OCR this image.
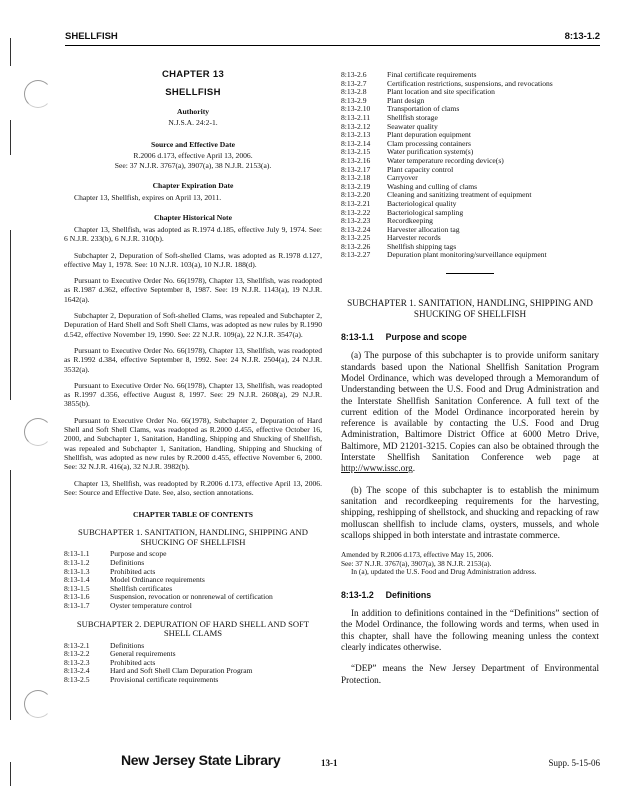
SHELLFISH	8:13-1.2
CHAPTER 13
SHELLFISH
Authority
N.J.S.A. 24:2-1.
Source and Effective Date
R.2006 d.173, effective April 13, 2006.
See: 37 N.J.R. 3767(a), 3907(a), 38 N.J.R. 2153(a).
Chapter Expiration Date
Chapter 13, Shellfish, expires on April 13, 2011.
Chapter Historical Note

Chapter 13, Shellfish, was adopted as R.1974 d.185, effective July 9, 1974. See: 6 N.J.R. 233(b), 6 N.J.R. 310(b).

Subchapter 2, Depuration of Soft-shelled Clams, was adopted as R.1978 d.127, effective May 1, 1978. See: 10 N.J.R. 103(a), 10 N.J.R. 188(d).

Pursuant to Executive Order No. 66(1978), Chapter 13, Shellfish, was readopted as R.1987 d.362, effective September 8, 1987. See: 19 N.J.R. 1143(a), 19 N.J.R. 1642(a).

Subchapter 2, Depuration of Soft-shelled Clams, was repealed and Subchapter 2, Depuration of Hard Shell and Soft Shell Clams, was adopted as new rules by R.1990 d.542, effective November 19, 1990. See: 22 N.J.R. 109(a), 22 N.J.R. 3547(a).

Pursuant to Executive Order No. 66(1978), Chapter 13, Shellfish, was readopted as R.1992 d.384, effective September 8, 1992. See: 24 N.J.R. 2504(a), 24 N.J.R. 3532(a).

Pursuant to Executive Order No. 66(1978), Chapter 13, Shellfish, was readopted as R.1997 d.356, effective August 8, 1997. See: 29 N.J.R. 2608(a), 29 N.J.R. 3855(b).

Pursuant to Executive Order No. 66(1978), Subchapter 2, Depuration of Hard Shell and Soft Shell Clams, was readopted as R.2000 d.455, effective October 16, 2000, and Subchapter 1, Sanitation, Handling, Shipping and Shucking of Shellfish, was repealed and Subchapter 1, Sanitation, Handling, Shipping and Shucking of Shellfish, was adopted as new rules by R.2000 d.455, effective November 6, 2000. See: 32 N.J.R. 416(a), 32 N.J.R. 3982(b).

Chapter 13, Shellfish, was readopted by R.2006 d.173, effective April 13, 2006. See: Source and Effective Date. See, also, section annotations.

CHAPTER TABLE OF CONTENTS
SUBCHAPTER 1. SANITATION, HANDLING, SHIPPING AND SHUCKING OF SHELLFISH
8:13-1.1	Purpose and scope
8:13-1.2	Definitions
8:13-1.3	Prohibited acts
8:13-1.4	Model Ordinance requirements
8:13-1.5	Shellfish certificates
8:13-1.6	Suspension, revocation or nonrenewal of certification
8:13-1.7	Oyster temperature control
SUBCHAPTER 2. DEPURATION OF HARD SHELL AND SOFT SHELL CLAMS
8:13-2.1	Definitions
8:13-2.2	General requirements
8:13-2.3	Prohibited acts
8:13-2.4	Hard and Soft Shell Clam Depuration Program
8:13-2.5	Provisional certificate requirements
8:13-2.6	Final certificate requirements
8:13-2.7	Certification restrictions, suspensions, and revocations
8:13-2.8	Plant location and site specification
8:13-2.9	Plant design
8:13-2.10	Transportation of clams
8:13-2.11	Shellfish storage
8:13-2.12	Seawater quality
8:13-2.13	Plant depuration equipment
8:13-2.14	Clam processing containers
8:13-2.15	Water purification system(s)
8:13-2.16	Water temperature recording device(s)
8:13-2.17	Plant capacity control
8:13-2.18	Carryover
8:13-2.19	Washing and culling of clams
8:13-2.20	Cleaning and sanitizing treatment of equipment
8:13-2.21	Bacteriological quality
8:13-2.22	Bacteriological sampling
8:13-2.23	Recordkeeping
8:13-2.24	Harvester allocation tag
8:13-2.25	Harvester records
8:13-2.26	Shellfish shipping tags
8:13-2.27	Depuration plant monitoring/surveillance equipment
SUBCHAPTER 1. SANITATION, HANDLING, SHIPPING AND SHUCKING OF SHELLFISH
8:13-1.1 Purpose and scope

(a) The purpose of this subchapter is to provide uniform sanitary standards based upon the National Shellfish Sanitation Program Model Ordinance, which was developed through a Memorandum of Understanding between the U.S. Food and Drug Administration and the Interstate Shellfish Sanitation Conference. A full text of the current edition of the Model Ordinance incorporated herein by reference is available by contacting the U.S. Food and Drug Administration, Baltimore District Office at 6000 Metro Drive, Baltimore, MD 21201-3215. Copies can also be obtained through the Interstate Shellfish Sanitation Conference web page at http://www.issc.org.

(b) The scope of this subchapter is to establish the minimum sanitation and recordkeeping requirements for the harvesting, shipping, reshipping of shellstock, and shucking and repacking of raw molluscan shellfish to include clams, oysters, mussels, and whole scallops shipped in both interstate and intrastate commerce.

Amended by R.2006 d.173, effective May 15, 2006.
See: 37 N.J.R. 3767(a), 3907(a), 38 N.J.R. 2153(a).
In (a), updated the U.S. Food and Drug Administration address.
8:13-1.2 Definitions

In addition to definitions contained in the “Definitions” section of the Model Ordinance, the following words and terms, when used in this chapter, shall have the following meaning unless the context clearly indicates otherwise.

“DEP” means the New Jersey Department of Environmental Protection.

New Jersey State Library	13-1	Supp. 5-15-06
